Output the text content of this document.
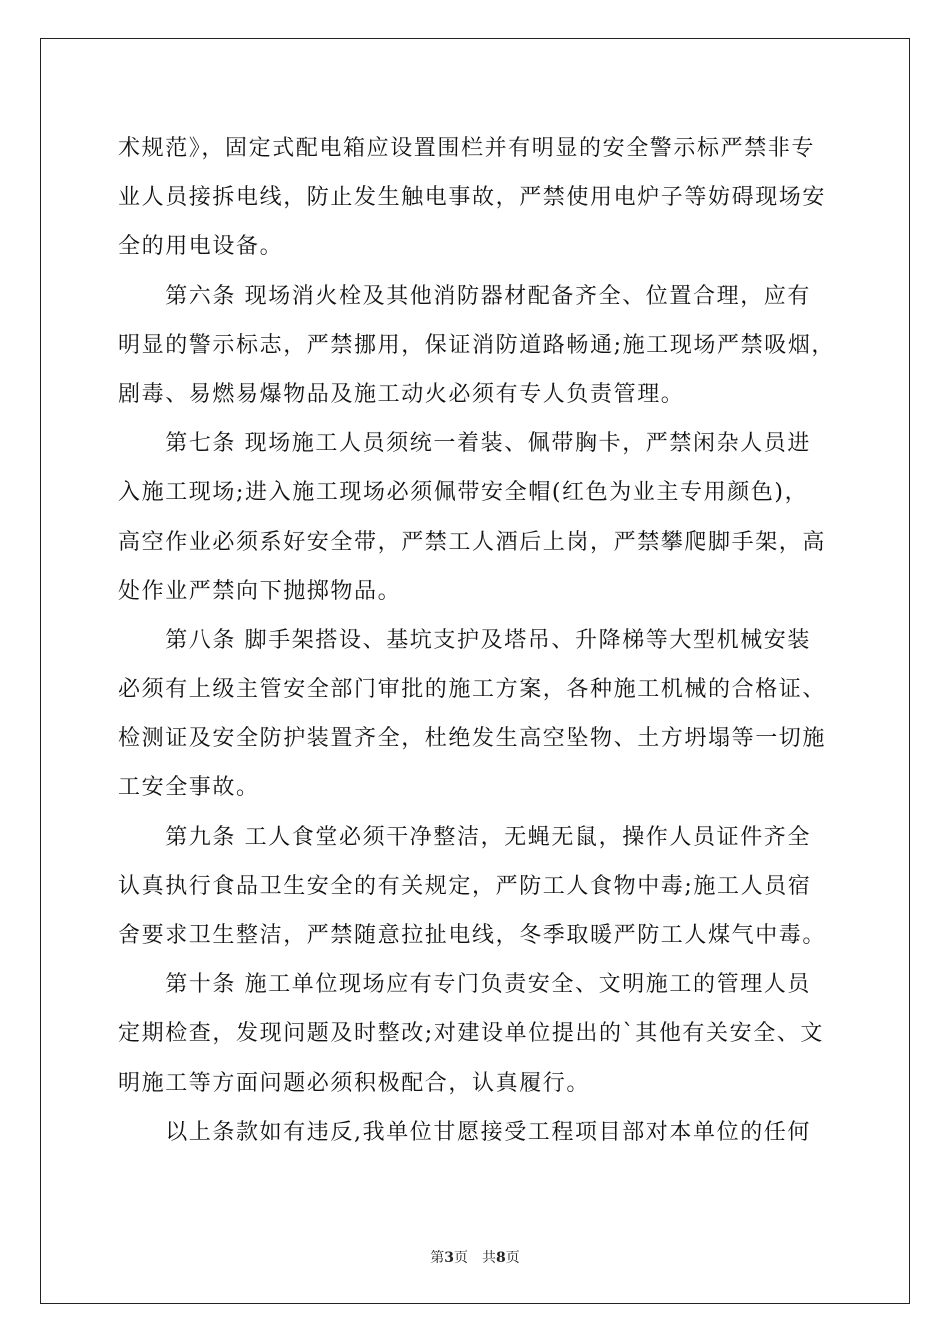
术规范》，固定式配电箱应设置围栏并有明显的安全警示标严禁非专
业人员接拆电线，防止发生触电事故，严禁使用电炉子等妨碍现场安
全的用电设备。
　　第六条 现场消火栓及其他消防器材配备齐全、位置合理，应有
明显的警示标志，严禁挪用，保证消防道路畅通;施工现场严禁吸烟，
剧毒、易燃易爆物品及施工动火必须有专人负责管理。
　　第七条 现场施工人员须统一着装、佩带胸卡，严禁闲杂人员进
入施工现场;进入施工现场必须佩带安全帽(红色为业主专用颜色)，
高空作业必须系好安全带，严禁工人酒后上岗，严禁攀爬脚手架，高
处作业严禁向下抛掷物品。
　　第八条 脚手架搭设、基坑支护及塔吊、升降梯等大型机械安装
必须有上级主管安全部门审批的施工方案，各种施工机械的合格证、
检测证及安全防护装置齐全，杜绝发生高空坠物、土方坍塌等一切施
工安全事故。
　　第九条 工人食堂必须干净整洁，无蝇无鼠，操作人员证件齐全
认真执行食品卫生安全的有关规定，严防工人食物中毒;施工人员宿
舍要求卫生整洁，严禁随意拉扯电线，冬季取暖严防工人煤气中毒。
　　第十条 施工单位现场应有专门负责安全、文明施工的管理人员
定期检查，发现问题及时整改;对建设单位提出的`其他有关安全、文
明施工等方面问题必须积极配合，认真履行。
　　以上条款如有违反,我单位甘愿接受工程项目部对本单位的任何
第3页　共8页
